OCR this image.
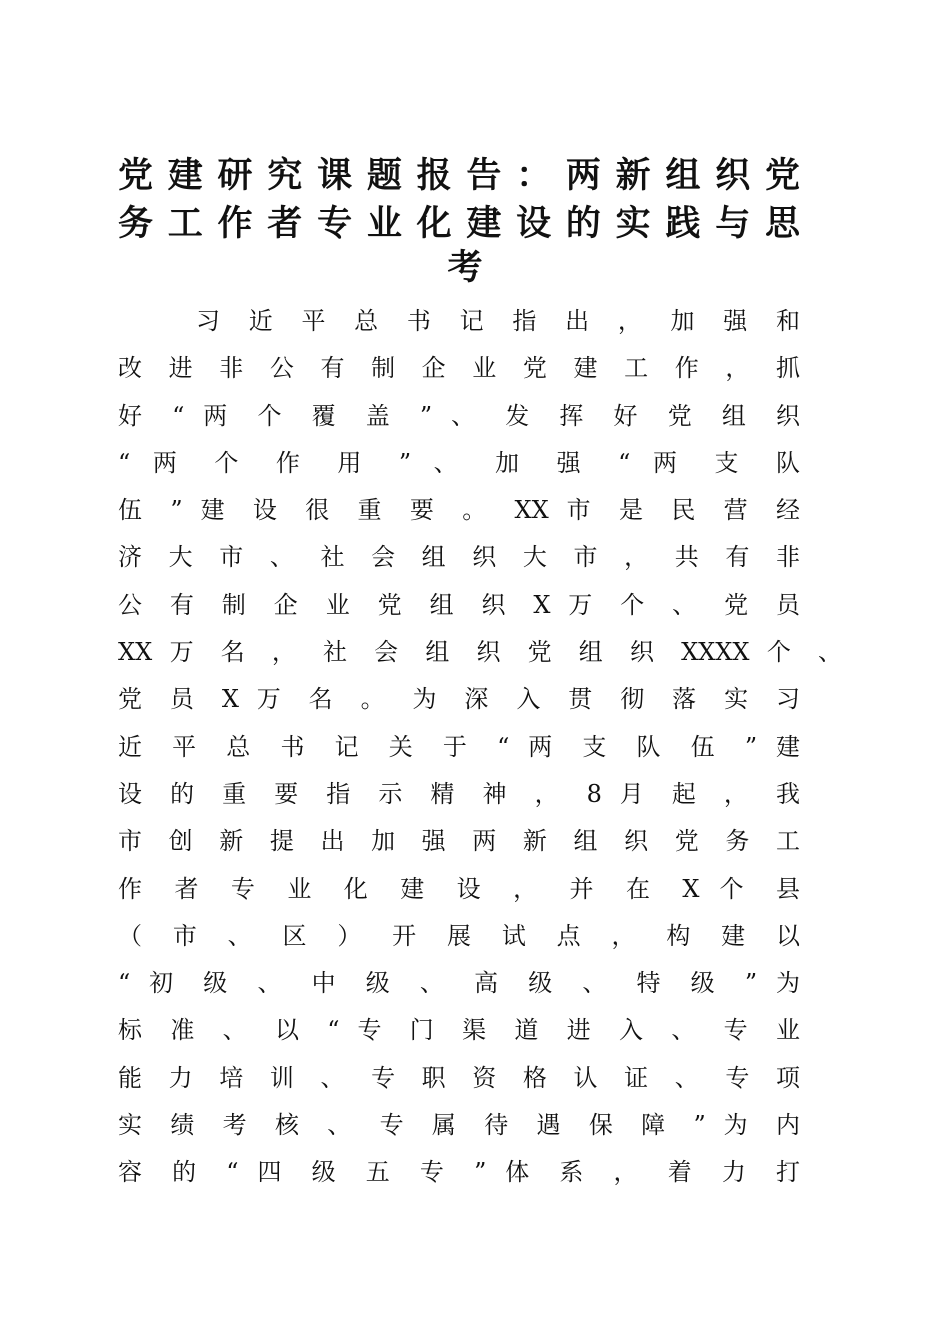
党建研究课题报告：两新组织党
务工作者专业化建设的实践与思
考
习 近 平 总 书 记 指 出 ， 加 强 和
改 进 非 公 有 制 企 业 党 建 工 作 ， 抓
好 “ 两 个 覆 盖 ” 、 发 挥 好 党 组 织
“ 两 个 作 用 ” 、 加 强 “ 两 支 队
伍 ” 建 设 很 重 要 。 XX 市 是 民 营 经
济 大 市 、 社 会 组 织 大 市 ， 共 有 非
公 有 制 企 业 党 组 织 X 万 个 、 党 员
XX 万 名 ， 社 会 组 织 党 组 织 XXXX 个 、
党 员 X 万 名 。 为 深 入 贯 彻 落 实 习
近 平 总 书 记 关 于 “ 两 支 队 伍 ” 建
设 的 重 要 指 示 精 神 ， 8 月 起 ， 我
市 创 新 提 出 加 强 两 新 组 织 党 务 工
作 者 专 业 化 建 设 ， 并 在 X 个 县
（ 市 、 区 ） 开 展 试 点 ， 构 建 以
“ 初 级 、 中 级 、 高 级 、 特 级 ” 为
标 准 、 以 “ 专 门 渠 道 进 入 、 专 业
能 力 培 训 、 专 职 资 格 认 证 、 专 项
实 绩 考 核 、 专 属 待 遇 保 障 ” 为 内
容 的 “ 四 级 五 专 ” 体 系 ， 着 力 打
